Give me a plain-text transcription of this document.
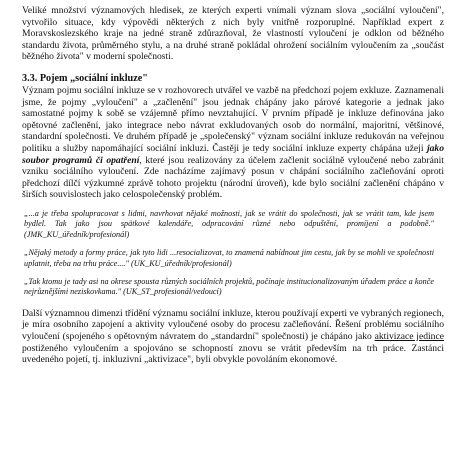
Veliké množství významových hledisek, ze kterých experti vnímali význam slova „sociální vyloučení", vytvořilo situace, kdy výpovědi některých z nich byly vnitřně rozporuplné. Například expert z Moravskoslezského kraje na jedné straně zdůrazňoval, že vlastností vyloučení je odklon od běžného standardu života, průměrného stylu, a na druhé straně pokládal ohrožení sociálním vyloučením za „součást běžného života" v moderní společnosti.

3.3. Pojem „sociální inkluze"

Význam pojmu sociální inkluze se v rozhovorech utvářel ve vazbě na předchozí pojem exkluze. Zaznamenali jsme, že pojmy „vyloučení" a „začlenění" jsou jednak chápány jako párové kategorie a jednak jako samostatné pojmy k sobě se vzájemně přímo nevztahující. V prvním případě je inkluze definována jako opětovné začlenění, jako integrace nebo návrat exkludovaných osob do normální, majoritní, většinové, standardní společnosti. Ve druhém případě je „společenský" význam sociální inkluze redukován na veřejnou politiku a služby napomáhající sociální inkluzi. Častěji je tedy sociální inkluze experty chápána užeji jako soubor programů či opatření, které jsou realizovány za účelem začlenit sociálně vyloučené nebo zabránit vzniku sociálního vyloučení. Zde nacházíme zajímavý posun v chápání sociálního začleňování oproti předchozí dílčí výzkumné zprávě tohoto projektu (národní úroveň), kde bylo sociální začlenění chápáno v širších souvislostech jako celospolečenský problém.

„...a je třeba spolupracovat s lidmi, navrhovat nějaké možnosti, jak se vrátit do společnosti, jak se vrátit tam, kde jsem bydlel. Tak jako jsou spätkové kalendáře, odpracování různé nebo odpuštění, promíjení a podobně." (JMK_KU_úředník/profesionál)

„Nějaký metody a formy práce, jak tyto lidi ...resocializovat, to znamená nabídnout jim cestu, jak by se mohli ve společnosti uplatnit, třeba na trhu práce...." (UK_KU_úředník/profesionál)

„Tak ktomu je tady asi na okrese spousta různých sociálních projektů, počínaje institucionalizovaným úřadem práce a konče nejrůznějšími neziskovkama." (UK_ST_profesionál/vedoucí)

Další významnou dimenzi třídění významu sociální inkluze, kterou používají experti ve vybraných regionech, je míra osobního zapojení a aktivity vyloučené osoby do procesu začleňování. Řešení problému sociálního vyloučení (spojeného s opětovným návratem do „standardní" společnosti) je chápáno jako aktivizace jedince postiženého vyloučením a spojováno se schopností znovu se vrátit především na trh práce. Zastánci uvedeného pojetí, tj. inkluzivní „aktivizace", byli obvykle povoláním ekonomové.
